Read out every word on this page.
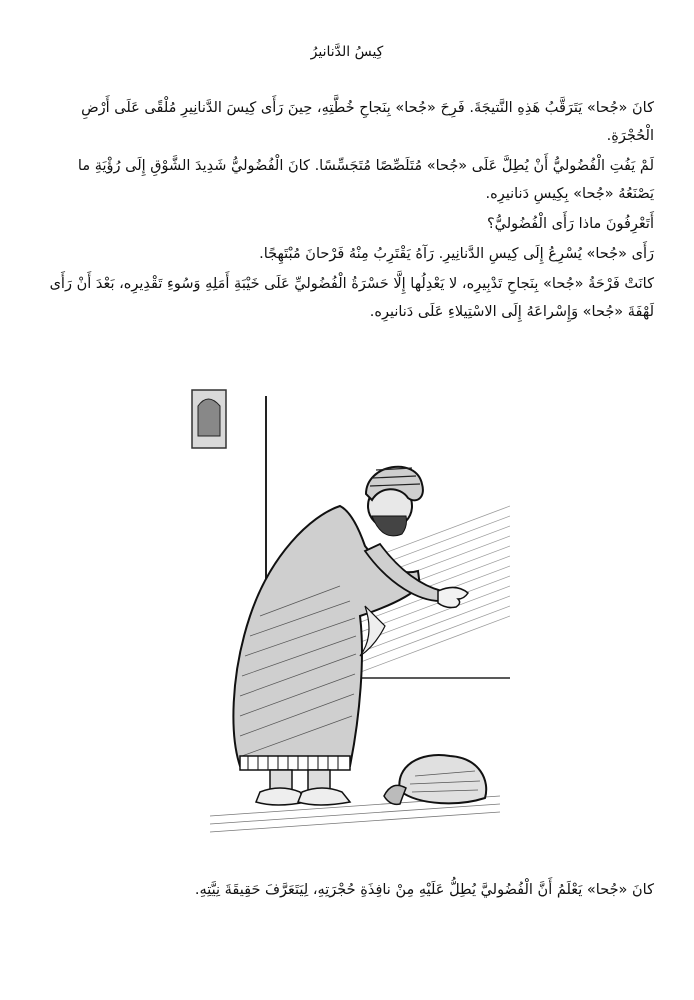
كِيسُ الدَّنانيرُ

كانَ «جُحا» يَتَرَقَّبُ هَذِهِ النَّتيجَةَ. فَرِحَ «جُحا» بِنَجاحِ خُطَّتِهِ، حِينَ رَأَى كِيسَ الدَّنانِيرِ مُلْقًى عَلَى أَرْضِ الْحُجْرَةِ.

لَمْ يَفُتِ الْفُضُوليُّ أَنْ يُطِلَّ عَلَى «جُحا» مُتَلَصِّصًا مُتَجَسِّسًا. كانَ الْفُضُوليُّ شَدِيدَ الشَّوْقِ إِلَى رُؤْيَةِ ما يَصْنَعُهُ «جُحا» بِكِيسِ دَنانيرِه.

أَتَعْرِفُونَ ماذا رَأَى الْفُضُوليُّ؟

رَأَى «جُحا» يُسْرِعُ إِلَى كِيسِ الدَّنانِيرِ. رَآهُ يَقْتَرِبُ مِنْهُ فَرْحانَ مُبْتَهِجًا.

كانَتْ فَرْحَةُ «جُحا» بِنَجاحِ تَدْبِيرِه، لا يَعْدِلُها إِلَّا حَسْرَةُ الْفُضُوليِّ عَلَى خَيْبَةِ أَمَلِهِ وَسُوءِ تَقْدِيرِه، بَعْدَ أَنْ رَأَى لَهْفَةَ «جُحا» وَإِسْراعَهُ إِلَى الاسْتِيلاءِ عَلَى دَنانيرِه.

كانَ «جُحا» يَعْلَمُ أَنَّ الْفُضُوليَّ يُطِلُّ عَلَيْهِ مِنْ نافِذَةِ حُجْرَتِهِ، لِيَتَعَرَّفَ حَقِيقَةَ نِيَّتِهِ.
